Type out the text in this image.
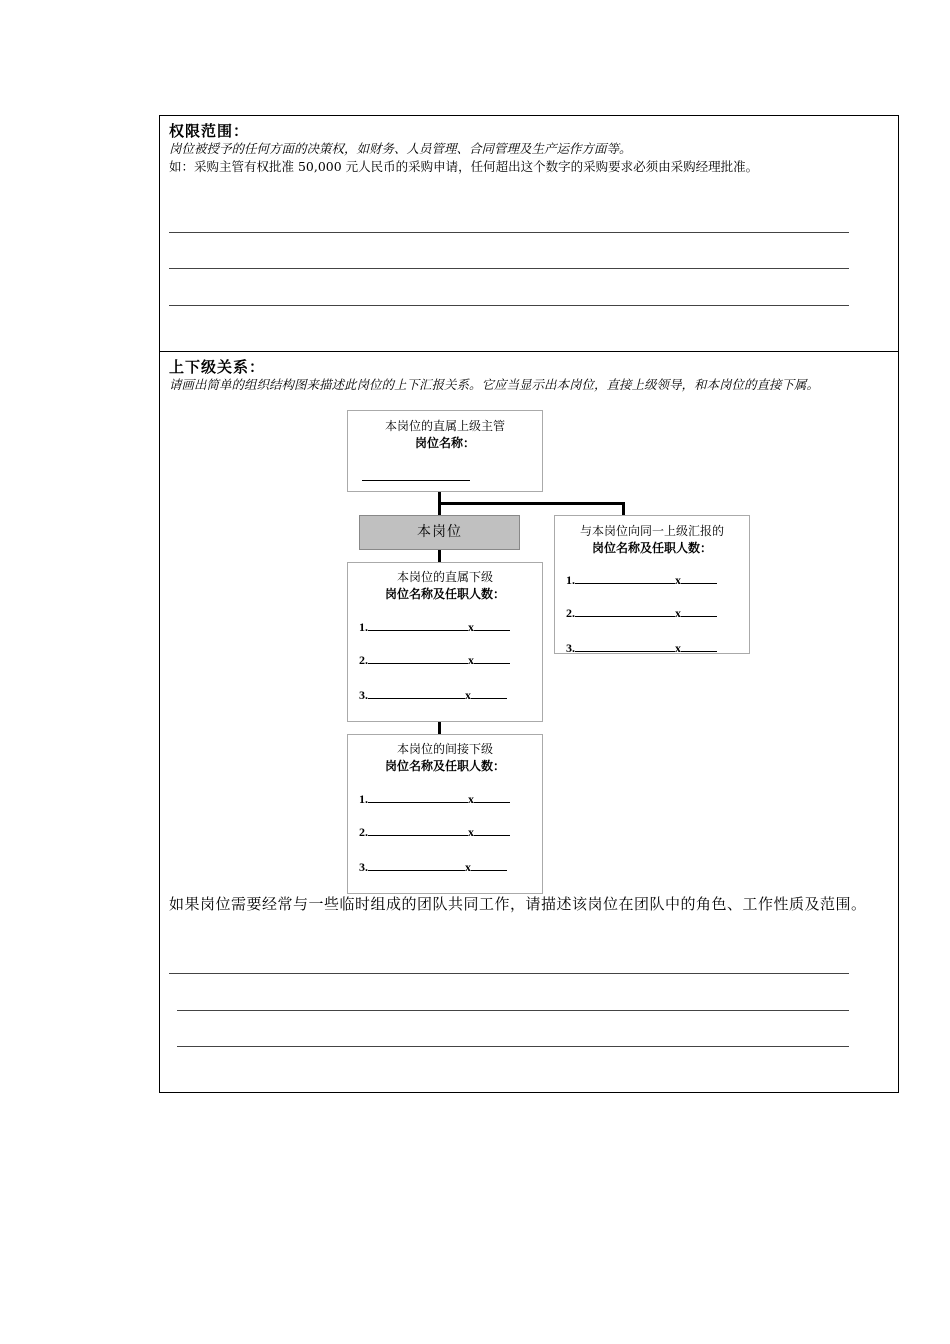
权限范围：
岗位被授予的任何方面的决策权，如财务、人员管理、合同管理及生产运作方面等。
如：采购主管有权批准 50,000 元人民币的采购申请，任何超出这个数字的采购要求必须由采购经理批准。
上下级关系：
请画出简单的组织结构图来描述此岗位的上下汇报关系。它应当显示出本岗位，直接上级领导，和本岗位的直接下属。
本岗位的直属上级主管
岗位名称：
本岗位	与本岗位向同一上级汇报的
岗位名称及任职人数：
1.	x
2.	x
3.	x
本岗位的直属下级
岗位名称及任职人数：
1.	x
2.	x
3.	x
本岗位的间接下级
岗位名称及任职人数：
1.	x
2.	x
3.	x
如果岗位需要经常与一些临时组成的团队共同工作，请描述该岗位在团队中的角色、工作性质及范围。
